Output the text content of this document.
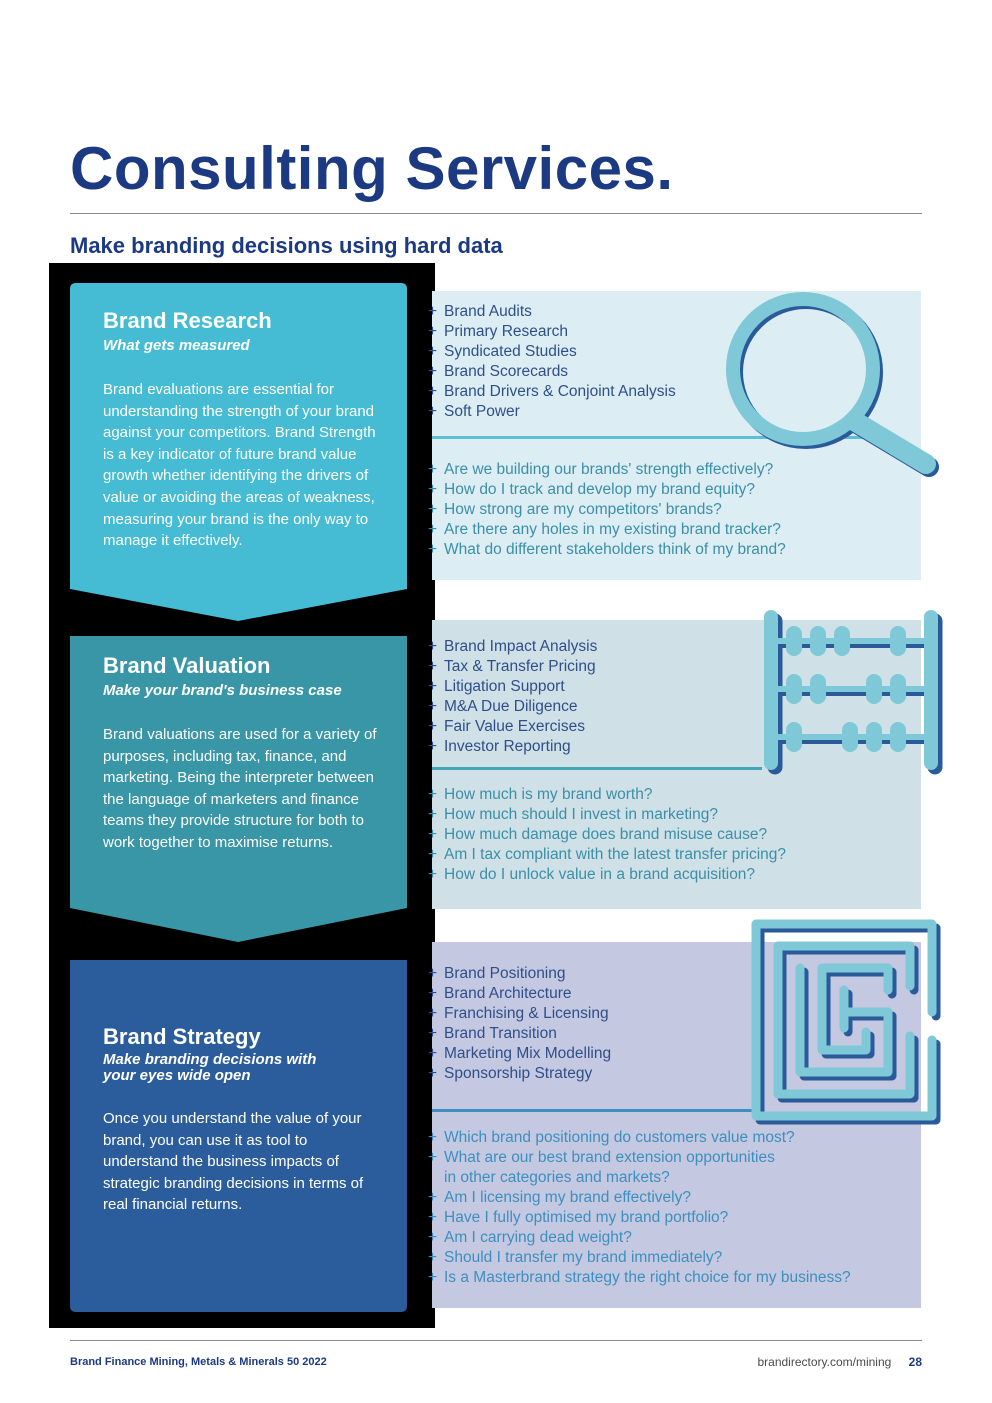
Consulting Services.
Make branding decisions using hard data
Brand Research

What gets measured

Brand evaluations are essential for understanding the strength of your brand against your competitors. Brand Strength is a key indicator of future brand value growth whether identifying the drivers of value or avoiding the areas of weakness, measuring your brand is the only way to manage it effectively.

Brand Valuation

Make your brand's business case

Brand valuations are used for a variety of purposes, including tax, finance, and marketing. Being the interpreter between the language of marketers and finance teams they provide structure for both to work together to maximise returns.

Brand Strategy

Make branding decisions with your eyes wide open

Once you understand the value of your brand, you can use it as tool to understand the business impacts of strategic branding decisions in terms of real financial returns.

+ Brand Audits
+ Primary Research
+ Syndicated Studies
+ Brand Scorecards
+ Brand Drivers & Conjoint Analysis
+ Soft Power
+ Are we building our brands' strength effectively?
+ How do I track and develop my brand equity?
+ How strong are my competitors' brands?
+ Are there any holes in my existing brand tracker?
+ What do different stakeholders think of my brand?
+ Brand Impact Analysis
+ Tax & Transfer Pricing
+ Litigation Support
+ M&A Due Diligence
+ Fair Value Exercises
+ Investor Reporting
+ How much is my brand worth?
+ How much should I invest in marketing?
+ How much damage does brand misuse cause?
+ Am I tax compliant with the latest transfer pricing?
+ How do I unlock value in a brand acquisition?
+ Brand Positioning
+ Brand Architecture
+ Franchising & Licensing
+ Brand Transition
+ Marketing Mix Modelling
+ Sponsorship Strategy
+ Which brand positioning do customers value most?
+ What are our best brand extension opportunities
in other categories and markets?
+ Am I licensing my brand effectively?
+ Have I fully optimised my brand portfolio?
+ Am I carrying dead weight?
+ Should I transfer my brand immediately?
+ Is a Masterbrand strategy the right choice for my business?
Brand Finance Mining, Metals & Minerals 50 2022	brandirectory.com/mining 28
